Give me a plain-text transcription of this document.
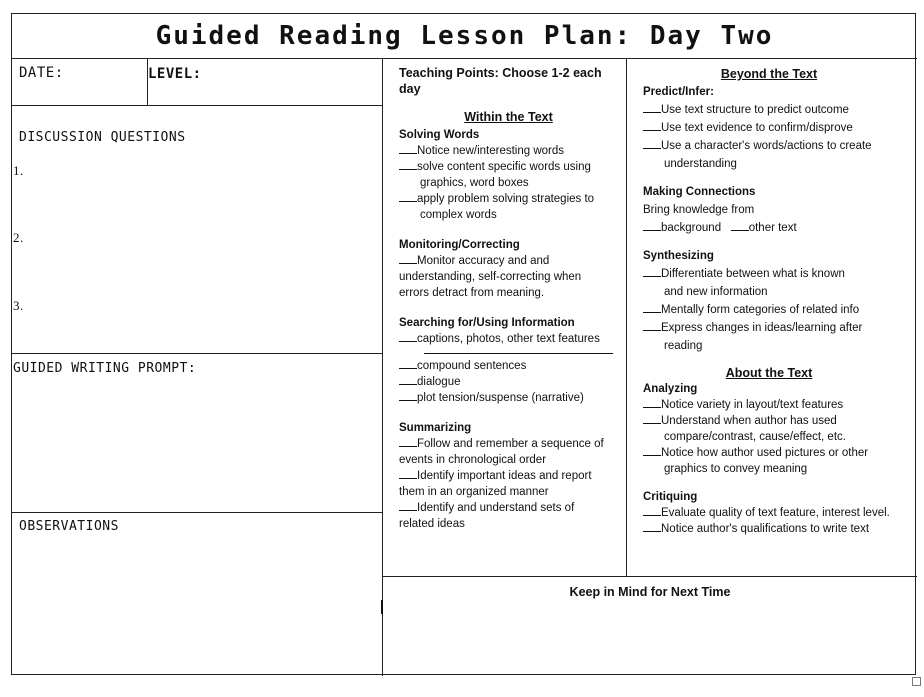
Guided Reading Lesson Plan: Day Two
DATE:	LEVEL:
DISCUSSION QUESTIONS
1.
2.
3.
GUIDED WRITING PROMPT:
OBSERVATIONS
Teaching Points: Choose 1-2 each day
Within the Text
Solving Words
Notice new/interesting words
solve content specific words using
graphics, word boxes
apply problem solving strategies to
complex words
Monitoring/Correcting
Monitor accuracy and and
understanding, self-correcting when
errors detract from meaning.
Searching for/Using Information
captions, photos, other text features
compound sentences
dialogue
plot tension/suspense (narrative)
Summarizing
Follow and remember a sequence of
events in chronological order
Identify important ideas and report
them in an organized manner
Identify and understand sets of
related ideas
Beyond the Text
Predict/Infer:
Use text structure to predict outcome
Use text evidence to confirm/disprove
Use a character's words/actions to create
understanding
Making Connections
Bring knowledge from
background other text
Synthesizing
Differentiate between what is known
and new information
Mentally form categories of related info
Express changes in ideas/learning after
reading
About the Text
Analyzing
Notice variety in layout/text features
Understand when author has used
compare/contrast, cause/effect, etc.
Notice how author used pictures or other
graphics to convey meaning
Critiquing
Evaluate quality of text feature, interest level.
Notice author's qualifications to write text
Keep in Mind for Next Time
